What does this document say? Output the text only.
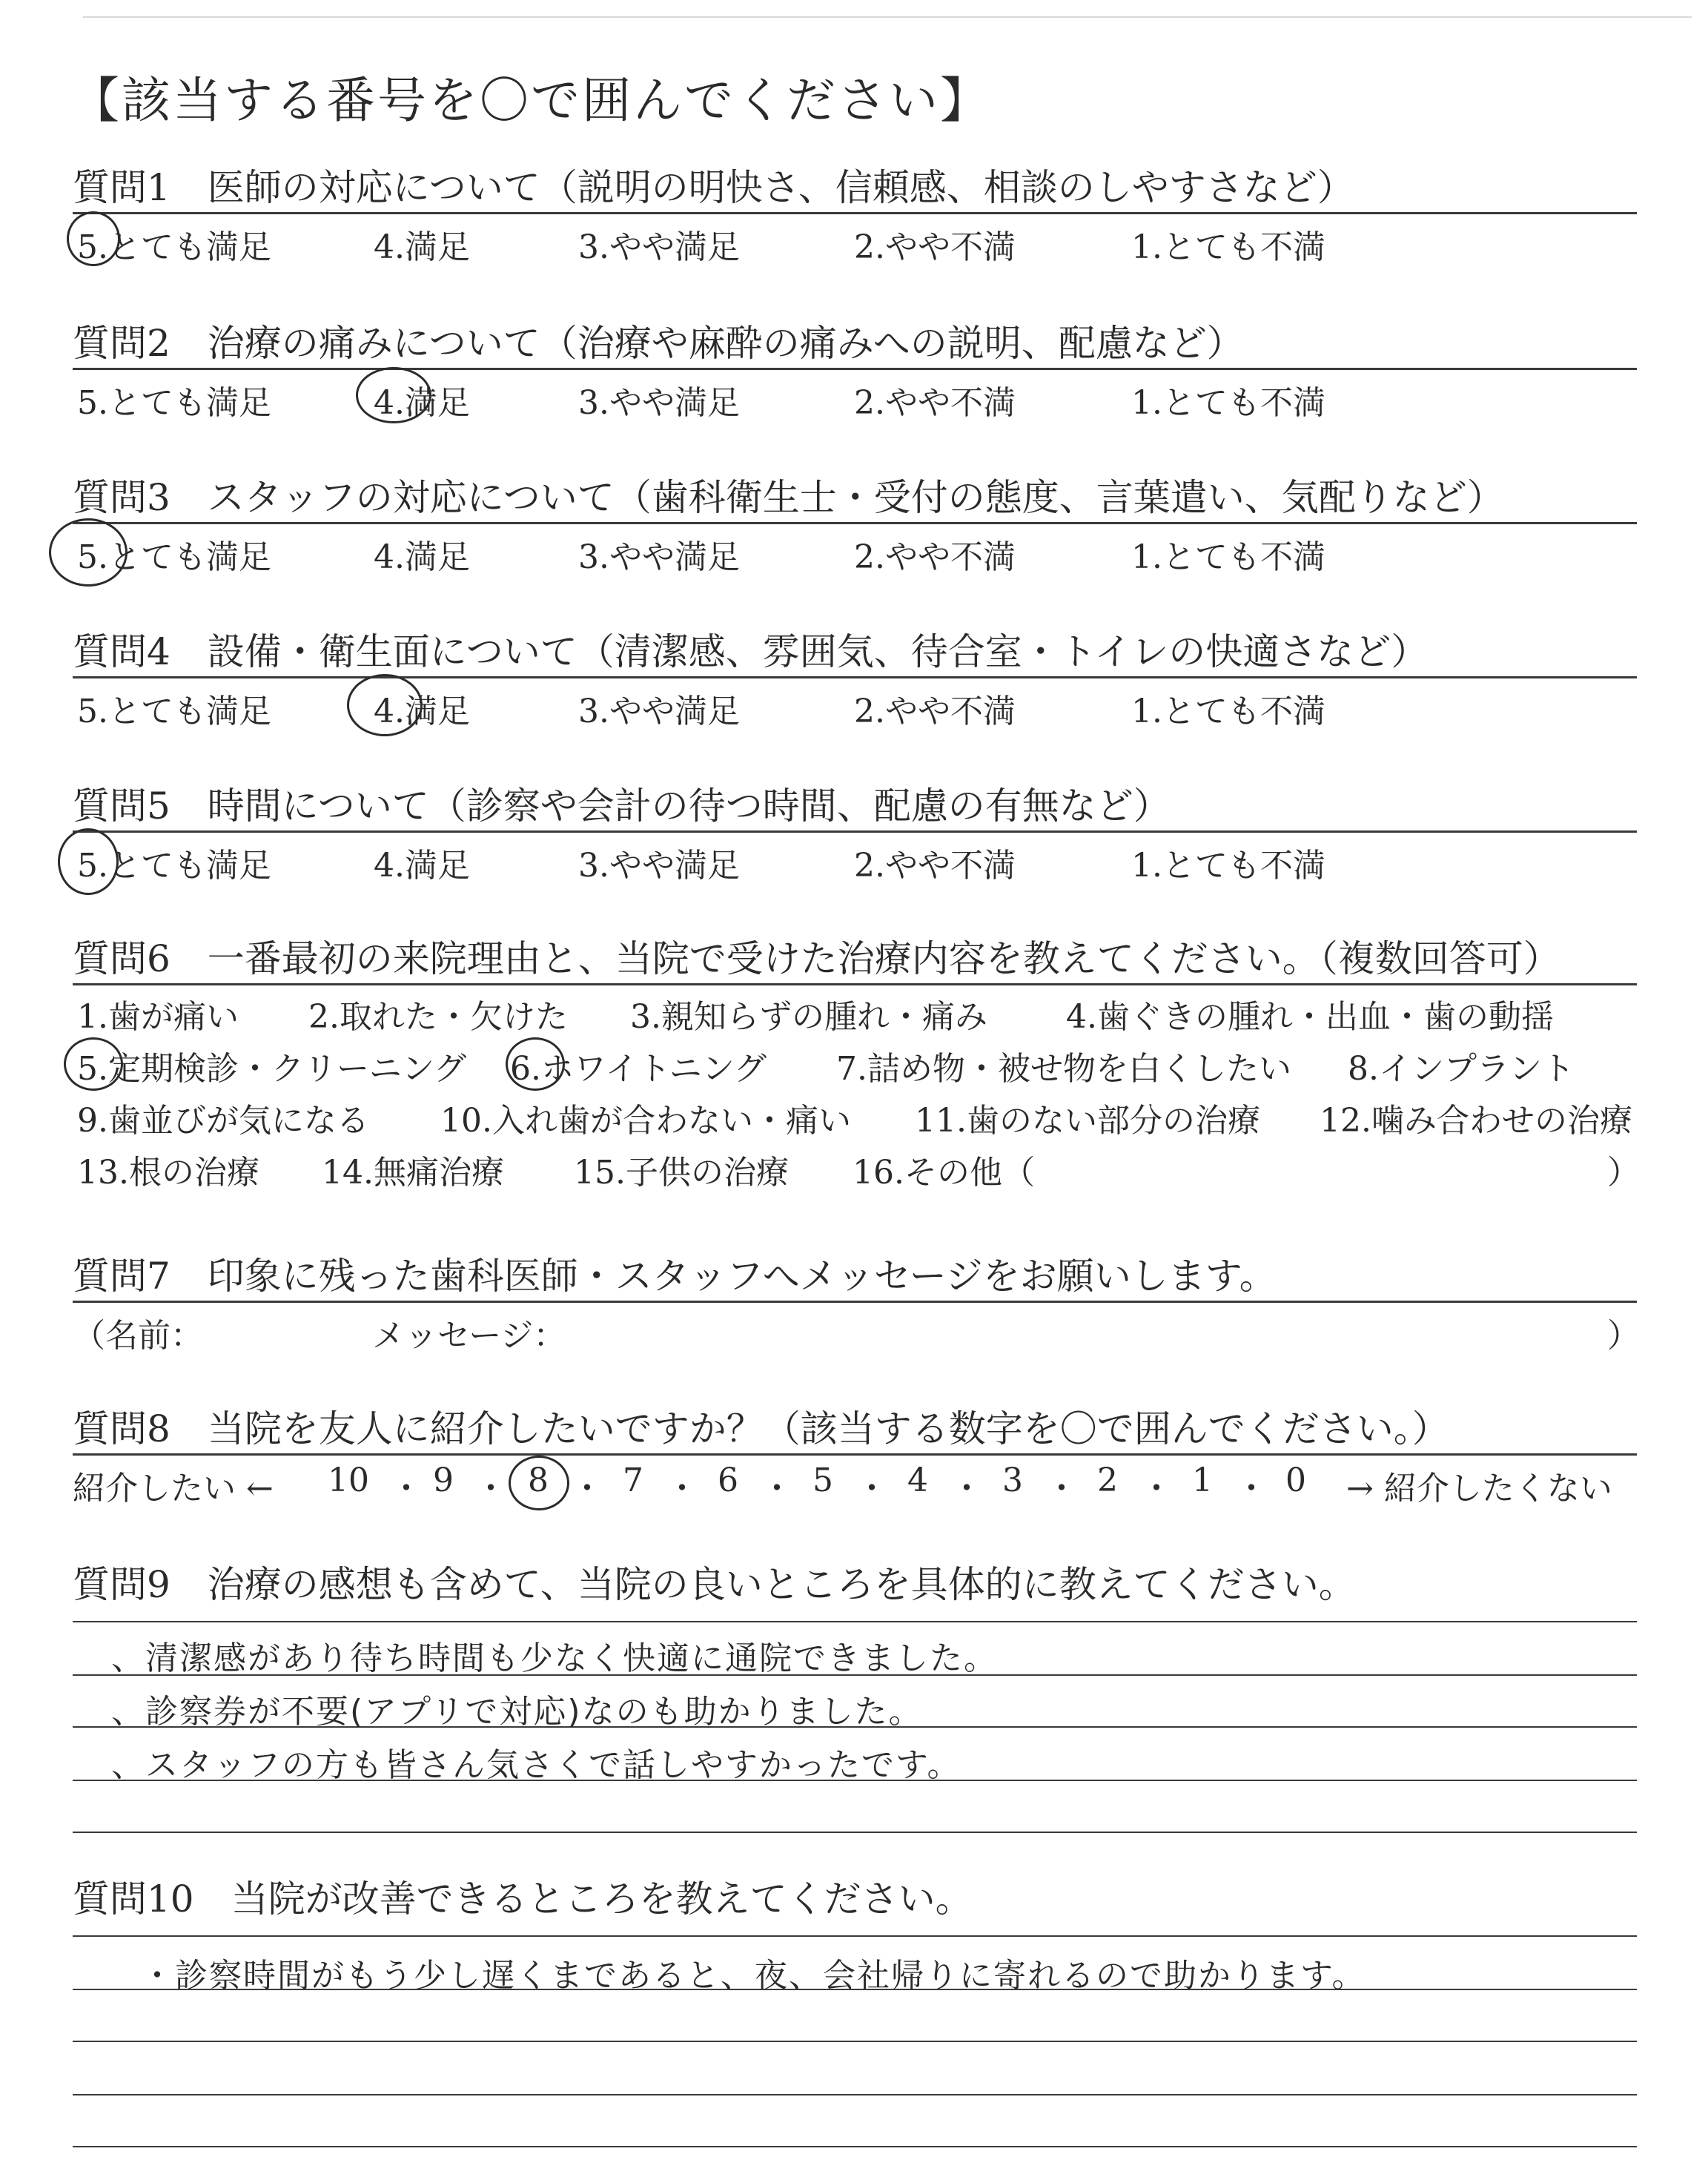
【該当する番号を〇で囲んでください】
質問1　医師の対応について（説明の明快さ、信頼感、相談のしやすさなど）
5.とても満足	4.満足	3.やや満足	2.やや不満	1.とても不満
質問2　治療の痛みについて（治療や麻酔の痛みへの説明、配慮など）
5.とても満足	4.満足	3.やや満足	2.やや不満	1.とても不満
質問3　スタッフの対応について（歯科衛生士・受付の態度、言葉遣い、気配りなど）
5.とても満足	4.満足	3.やや満足	2.やや不満	1.とても不満
質問4　設備・衛生面について（清潔感、雰囲気、待合室・トイレの快適さなど）
5.とても満足	4.満足	3.やや満足	2.やや不満	1.とても不満
質問5　時間について（診察や会計の待つ時間、配慮の有無など）
5.とても満足	4.満足	3.やや満足	2.やや不満	1.とても不満
質問6　一番最初の来院理由と、当院で受けた治療内容を教えてください。（複数回答可）
1.歯が痛い 2.取れた・欠けた 3.親知らずの腫れ・痛み 4.歯ぐきの腫れ・出血・歯の動揺
5.定期検診・クリーニング 6.ホワイトニング 7.詰め物・被せ物を白くしたい 8.インプラント
9.歯並びが気になる 10.入れ歯が合わない・痛い 11.歯のない部分の治療 12.噛み合わせの治療
13.根の治療 14.無痛治療 15.子供の治療 16.その他（	）
質問7　印象に残った歯科医師・スタッフへメッセージをお願いします。
（名前：	メッセージ：	）
質問8　当院を友人に紹介したいですか？（該当する数字を〇で囲んでください。）
紹介したい ← 10 ・ 9 ・ 8 ・ 7 ・ 6 ・ 5 ・ 4 ・ 3 ・ 2 ・ 1 ・ 0 → 紹介したくない
質問9　治療の感想も含めて、当院の良いところを具体的に教えてください。
、清潔感があり待ち時間も少なく快適に通院できました。
、診察券が不要(アプリで対応)なのも助かりました。
、スタッフの方も皆さん気さくで話しやすかったです。
質問10　当院が改善できるところを教えてください。
・診察時間がもう少し遅くまであると、夜、会社帰りに寄れるので助かります。
